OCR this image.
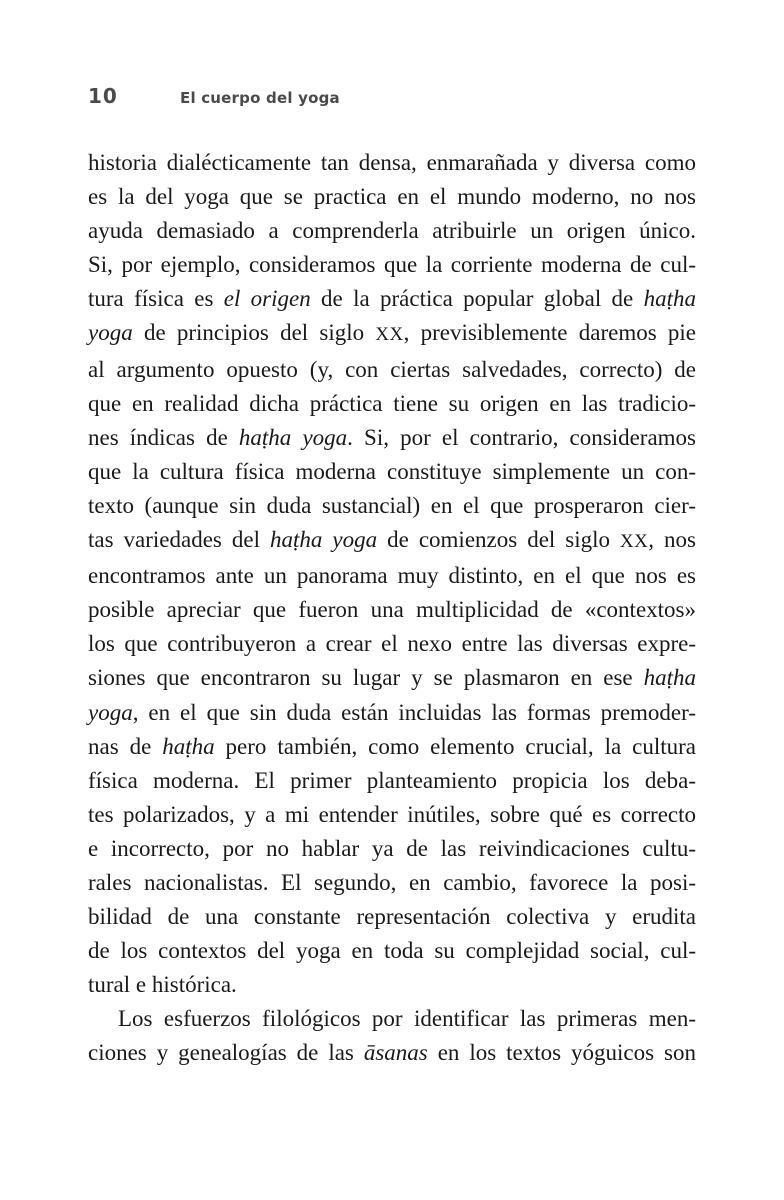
10	El cuerpo del yoga

historia dialécticamente tan densa, enmarañada y diversa como
es la del yoga que se practica en el mundo moderno, no nos
ayuda demasiado a comprenderla atribuirle un origen único.
Si, por ejemplo, consideramos que la corriente moderna de cul-
tura física es el origen de la práctica popular global de haṭha
yoga de principios del siglo XX, previsiblemente daremos pie
al argumento opuesto (y, con ciertas salvedades, correcto) de
que en realidad dicha práctica tiene su origen en las tradicio-
nes índicas de haṭha yoga. Si, por el contrario, consideramos
que la cultura física moderna constituye simplemente un con-
texto (aunque sin duda sustancial) en el que prosperaron cier-
tas variedades del haṭha yoga de comienzos del siglo XX, nos
encontramos ante un panorama muy distinto, en el que nos es
posible apreciar que fueron una multiplicidad de «contextos»
los que contribuyeron a crear el nexo entre las diversas expre-
siones que encontraron su lugar y se plasmaron en ese haṭha
yoga, en el que sin duda están incluidas las formas premoder-
nas de haṭha pero también, como elemento crucial, la cultura
física moderna. El primer planteamiento propicia los deba-
tes polarizados, y a mi entender inútiles, sobre qué es correcto
e incorrecto, por no hablar ya de las reivindicaciones cultu-
rales nacionalistas. El segundo, en cambio, favorece la posi-
bilidad de una constante representación colectiva y erudita
de los contextos del yoga en toda su complejidad social, cul-
tural e histórica.

Los esfuerzos filológicos por identificar las primeras men-
ciones y genealogías de las āsanas en los textos yóguicos son
